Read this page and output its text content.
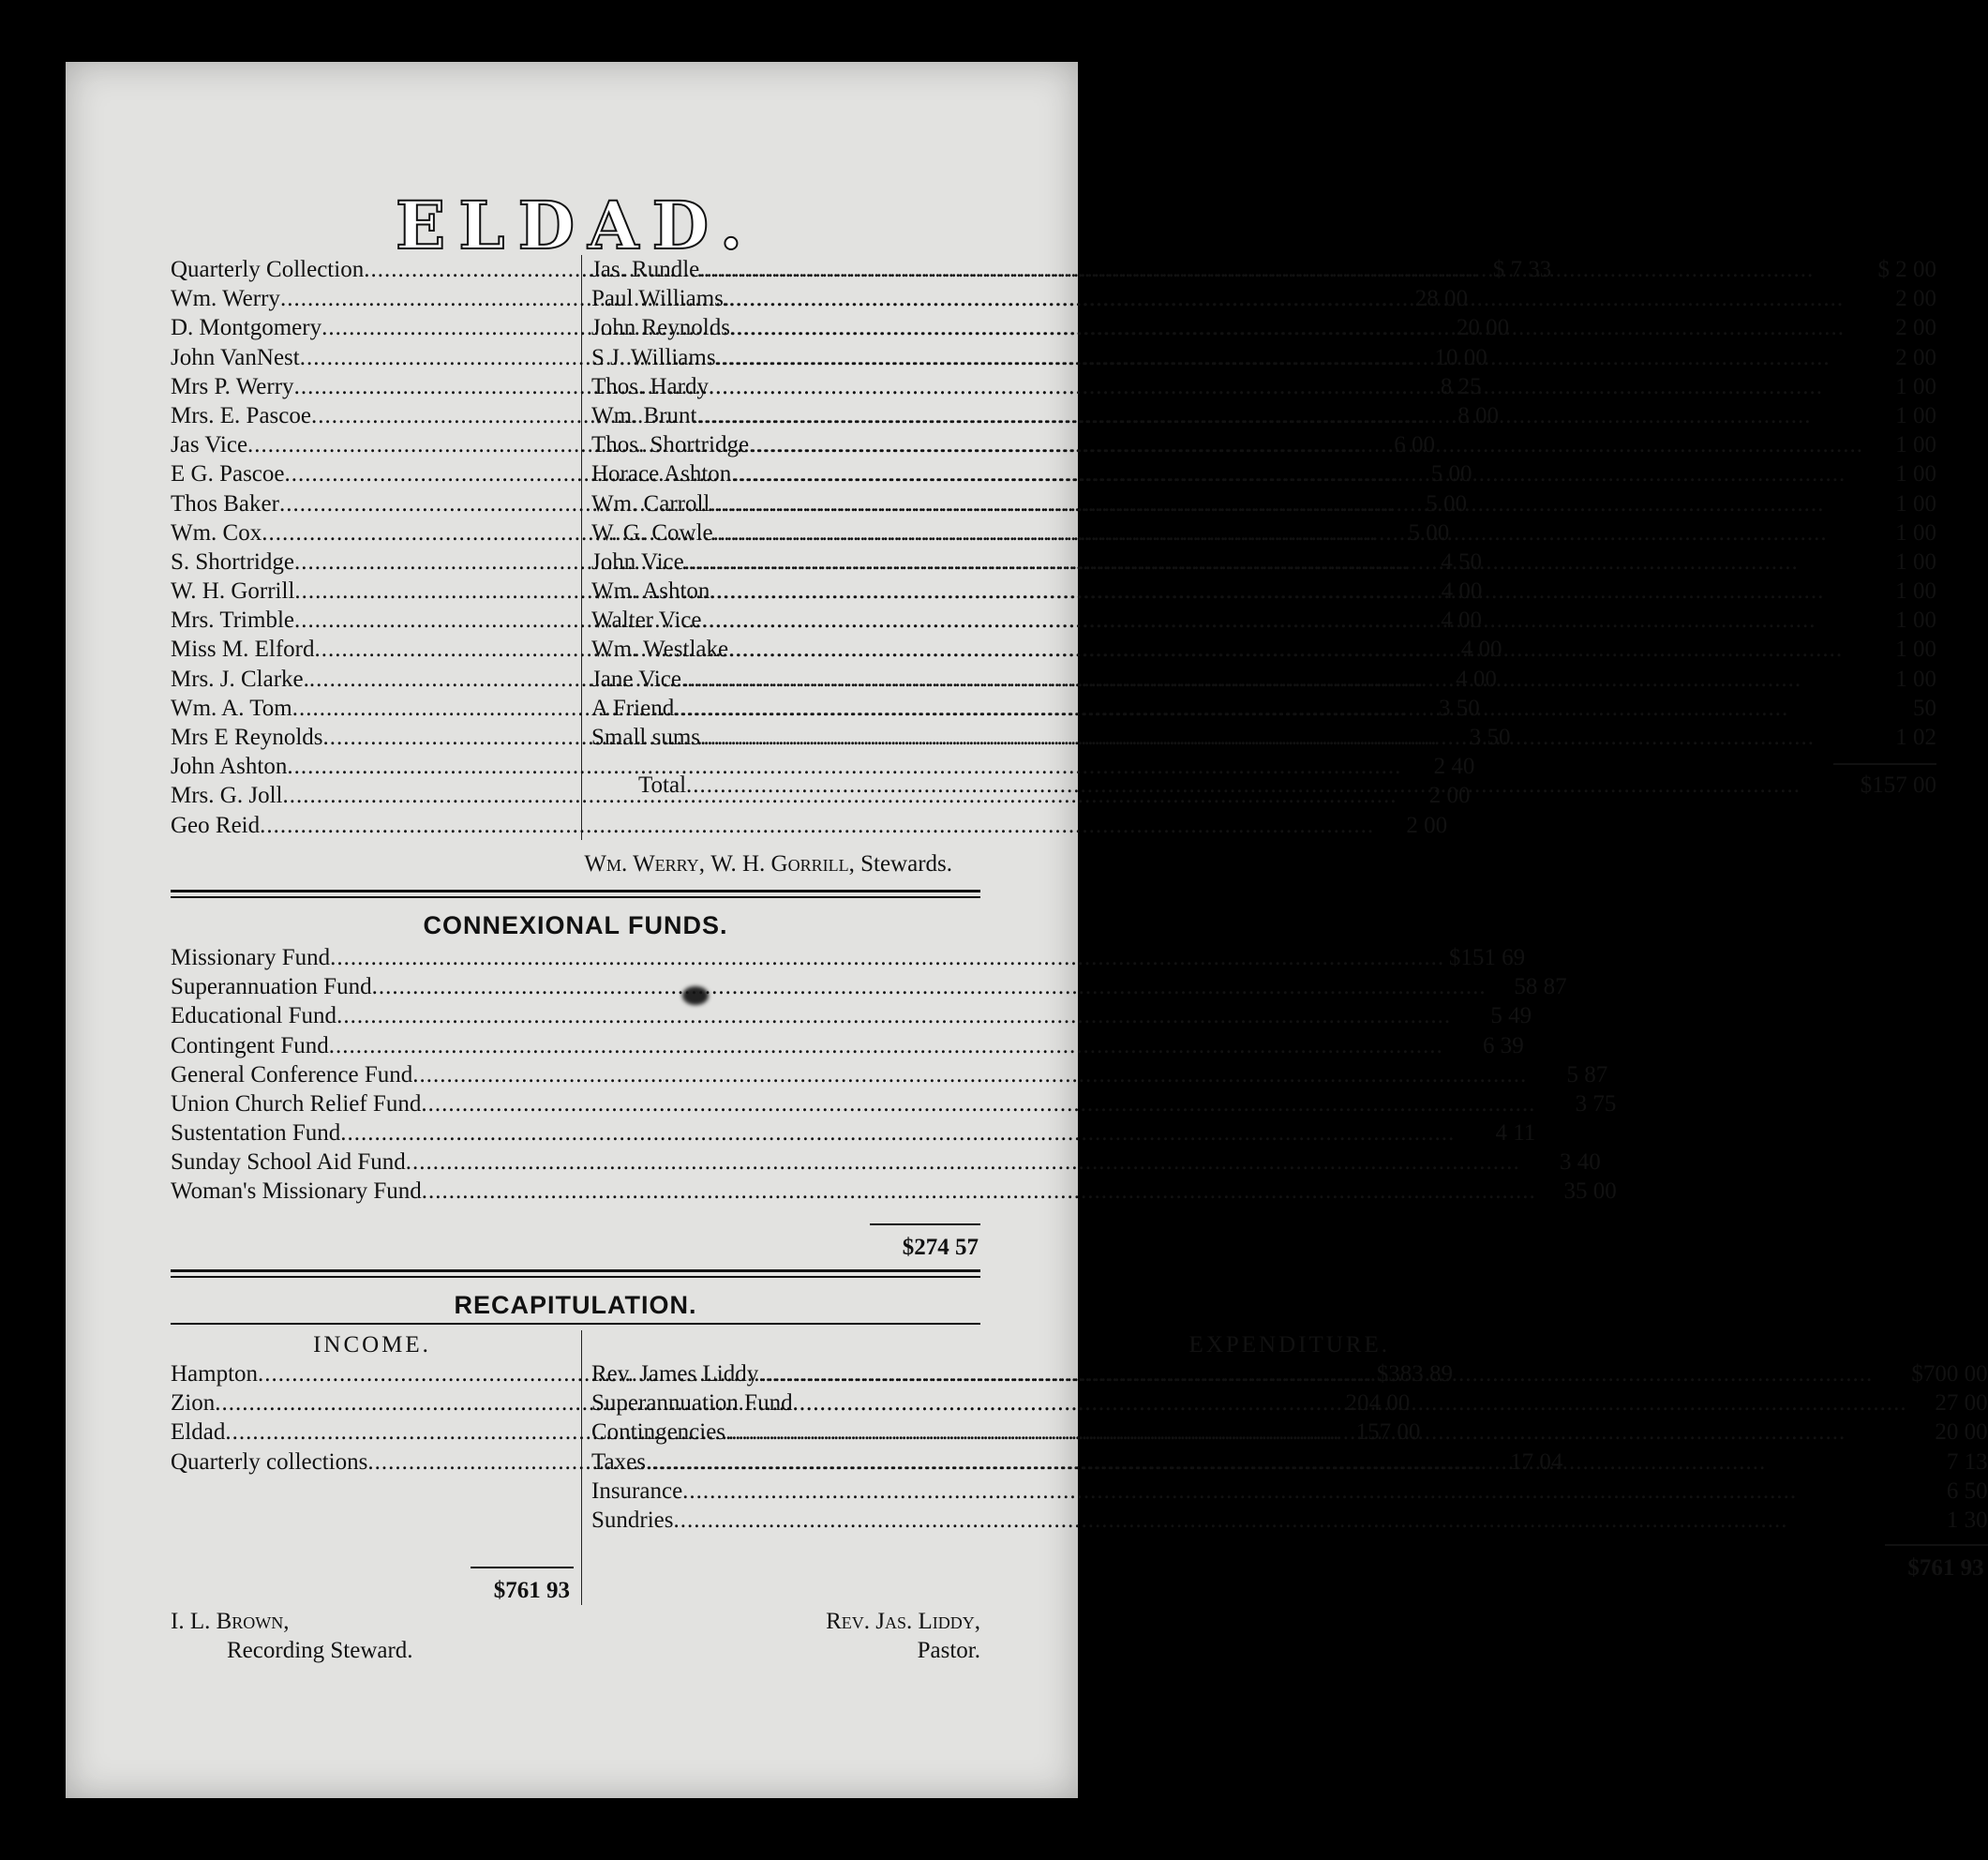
ELDAD.
Quarterly Collection .....	$ 7 33
Wm. Werry .....	28 00
D. Montgomery .....	20 00
John VanNest .....	10 00
Mrs P. Werry .....	8 25
Mrs. E. Pascoe .....	8 00
Jas Vice .....	6 00
E G. Pascoe .....	5 00
Thos Baker .....	5 00
Wm. Cox .....	5 00
S. Shortridge .....	4 50
W. H. Gorrill .....	4 00
Mrs. Trimble .....	4 00
Miss M. Elford .....	4 00
Mrs. J. Clarke. .....	4 00
Wm. A. Tom .....	3 50
Mrs E Reynolds .....	3 50
John Ashton .....	2 40
Mrs. G. Joll .....	2 00
Geo Reid .....	2 00
Jas. Rundle .....	$ 2 00
Paul Williams. .....	2 00
John Reynolds .....	2 00
S J. Williams .....	2 00
Thos. Hardy .....	1 00
Wm. Brunt .....	1 00
Thos. Shortridge .....	1 00
Horace Ashton .....	1 00
Wm. Carroll .....	1 00
W. G. Cowle .....	1 00
John Vice .....	1 00
Wm. Ashton .....	1 00
Walter Vice .....	1 00
Wm. Westlake .....	1 00
Jane Vice. .....	1 00
A Friend .....	50
Small sums .....	1 02
Total .....	$157 00
Wm. Werry, W. H. Gorrill, Stewards.
CONNEXIONAL FUNDS.
Missionary Fund .....	$151 69
Superannuation Fund .....	58 87
Educational Fund .....	5 49
Contingent Fund .....	6 39
General Conference Fund .....	5 87
Union Church Relief Fund .....	3 75
Sustentation Fund .....	4 11
Sunday School Aid Fund .....	3 40
Woman's Missionary Fund .....	35 00
$274 57
RECAPITULATION.
INCOME.
Hampton .....	$383 89
Zion .....	204 00
Eldad .....	157 00
Quarterly collections .....	17 04
$761 93
EXPENDITURE.
Rev. James Liddy .....	$700 00
Superannuation Fund .....	27 00
Contingencies. .....	20 00
Taxes. .....	7 13
Insurance .....	6 50
Sundries .....	1 30
$761 93
I. L. Brown,
Recording Steward.
Rev. Jas. Liddy,
Pastor.
